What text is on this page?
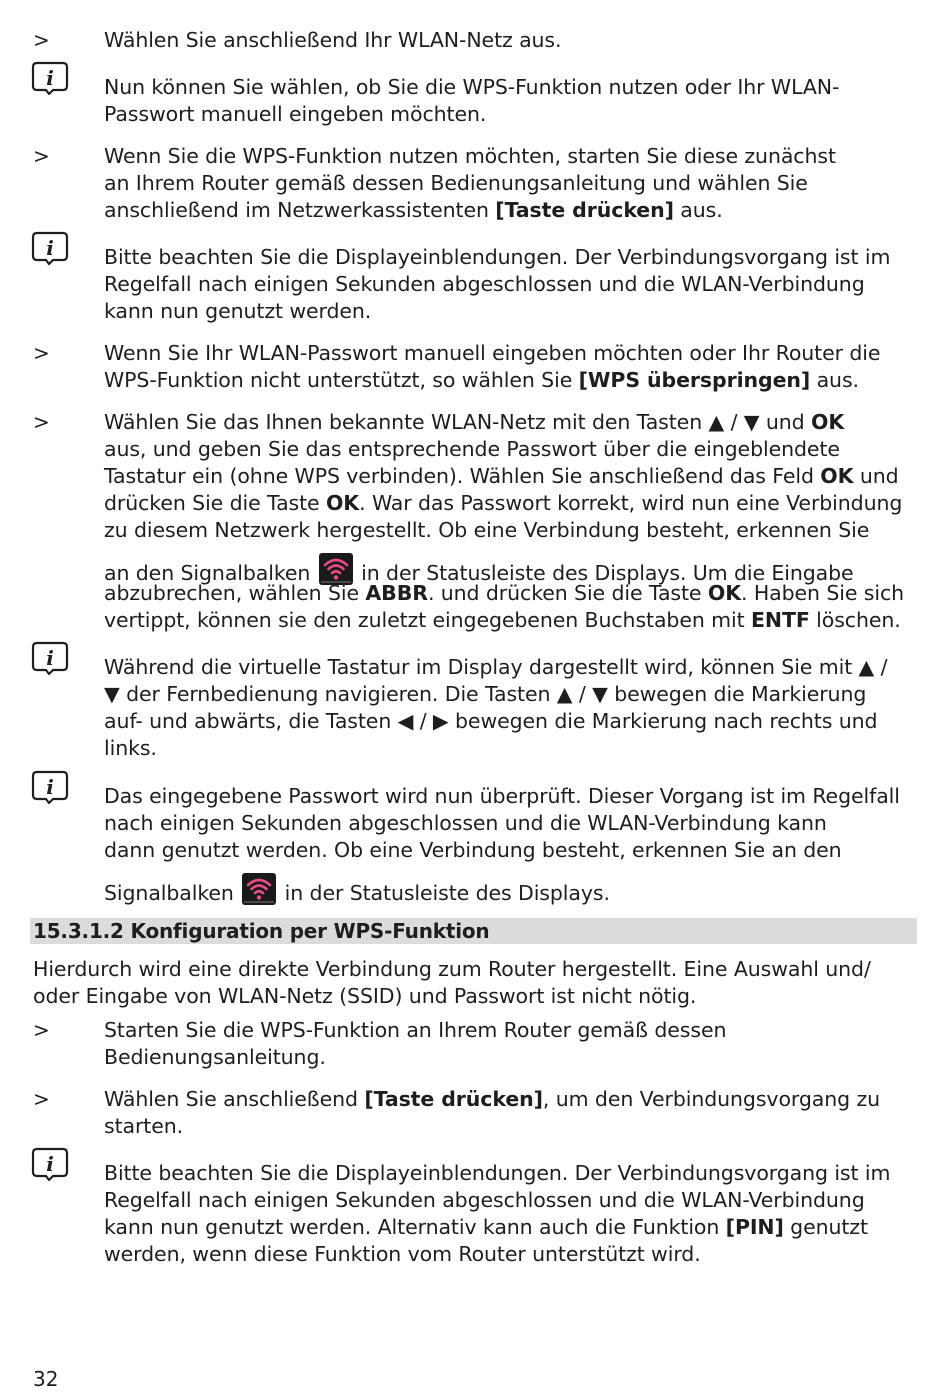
>	Wählen Sie anschließend Ihr WLAN-Netz aus.
i Nun können Sie wählen, ob Sie die WPS-Funktion nutzen oder Ihr WLAN-
Passwort manuell eingeben möchten.
>	Wenn Sie die WPS-Funktion nutzen möchten, starten Sie diese zunächst
an Ihrem Router gemäß dessen Bedienungsanleitung und wählen Sie
anschließend im Netzwerkassistenten [Taste drücken] aus.
i Bitte beachten Sie die Displayeinblendungen. Der Verbindungsvorgang ist im
Regelfall nach einigen Sekunden abgeschlossen und die WLAN-Verbindung
kann nun genutzt werden.
>	Wenn Sie Ihr WLAN-Passwort manuell eingeben möchten oder Ihr Router die
WPS-Funktion nicht unterstützt, so wählen Sie [WPS überspringen] aus.
>	Wählen Sie das Ihnen bekannte WLAN-Netz mit den Tasten ▲ / ▼ und OK
aus, und geben Sie das entsprechende Passwort über die eingeblendete
Tastatur ein (ohne WPS verbinden). Wählen Sie anschließend das Feld OK und
drücken Sie die Taste OK. War das Passwort korrekt, wird nun eine Verbindung
zu diesem Netzwerk hergestellt. Ob eine Verbindung besteht, erkennen Sie
an den Signalbalken
in der Statusleiste des Displays. Um die Eingabe
abzubrechen, wählen Sie ABBR. und drücken Sie die Taste OK. Haben Sie sich
vertippt, können sie den zuletzt eingegebenen Buchstaben mit ENTF löschen.
i Während die virtuelle Tastatur im Display dargestellt wird, können Sie mit ▲ /
▼ der Fernbedienung navigieren. Die Tasten ▲ / ▼ bewegen die Markierung
auf- und abwärts, die Tasten ◀ / ▶ bewegen die Markierung nach rechts und
links.
i Das eingegebene Passwort wird nun überprüft. Dieser Vorgang ist im Regelfall
nach einigen Sekunden abgeschlossen und die WLAN-Verbindung kann
dann genutzt werden. Ob eine Verbindung besteht, erkennen Sie an den
Signalbalken
in der Statusleiste des Displays.
15.3.1.2 Konfiguration per WPS-Funktion
Hierdurch wird eine direkte Verbindung zum Router hergestellt. Eine Auswahl und/
oder Eingabe von WLAN-Netz (SSID) und Passwort ist nicht nötig.
>	Starten Sie die WPS-Funktion an Ihrem Router gemäß dessen
Bedienungsanleitung.
>	Wählen Sie anschließend [Taste drücken], um den Verbindungsvorgang zu
starten.
i Bitte beachten Sie die Displayeinblendungen. Der Verbindungsvorgang ist im
Regelfall nach einigen Sekunden abgeschlossen und die WLAN-Verbindung
kann nun genutzt werden. Alternativ kann auch die Funktion [PIN] genutzt
werden, wenn diese Funktion vom Router unterstützt wird.
32
